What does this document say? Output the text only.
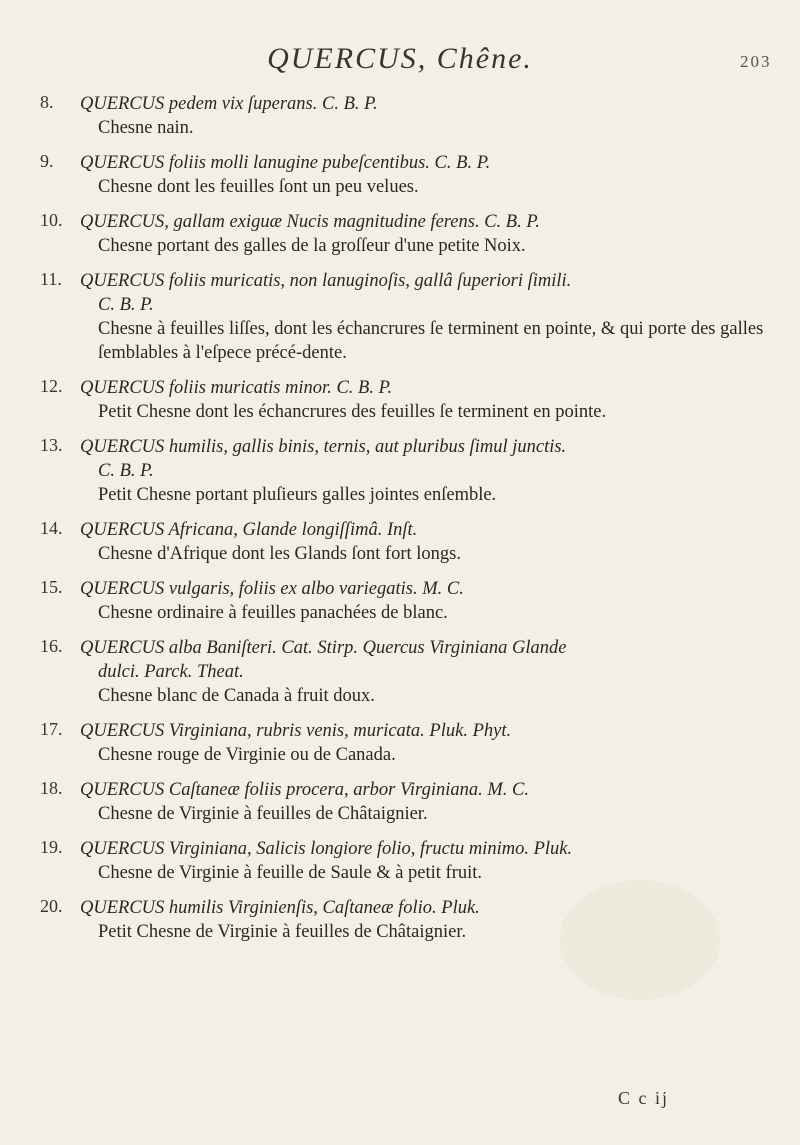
QUERCUS, Chêne.	203
8.	QUERCUS pedem vix ſuperans. C. B. P.
Chesne nain.
9.	QUERCUS foliis molli lanugine pubeſcentibus. C. B. P.
Chesne dont les feuilles ſont un peu velues.
10. QUERCUS, gallam exiguæ Nucis magnitudine ferens. C. B. P.
Chesne portant des galles de la groſſeur d'une petite Noix.
11. QUERCUS foliis muricatis, non lanuginoſis, gallâ ſuperiori ſimili.
C. B. P.
Chesne à feuilles liſſes, dont les échancrures ſe terminent en pointe, & qui porte des galles ſemblables à l'eſpece précé-dente.
12. QUERCUS foliis muricatis minor. C. B. P.
Petit Chesne dont les échancrures des feuilles ſe terminent en pointe.
13. QUERCUS humilis, gallis binis, ternis, aut pluribus ſimul junctis.
C. B. P.
Petit Chesne portant pluſieurs galles jointes enſemble.
14. QUERCUS Africana, Glande longiſſimâ. Inſt.
Chesne d'Afrique dont les Glands ſont fort longs.
15. QUERCUS vulgaris, foliis ex albo variegatis. M. C.
Chesne ordinaire à feuilles panachées de blanc.
16. QUERCUS alba Baniſteri. Cat. Stirp. Quercus Virginiana Glande
dulci. Parck. Theat.
Chesne blanc de Canada à fruit doux.
17. QUERCUS Virginiana, rubris venis, muricata. Pluk. Phyt.
Chesne rouge de Virginie ou de Canada.
18. QUERCUS Caſtaneæ foliis procera, arbor Virginiana. M. C.
Chesne de Virginie à feuilles de Châtaignier.
19. QUERCUS Virginiana, Salicis longiore folio, fructu minimo. Pluk.
Chesne de Virginie à feuille de Saule & à petit fruit.
20. QUERCUS humilis Virginienſis, Caſtaneæ folio. Pluk.
Petit Chesne de Virginie à feuilles de Châtaignier.
C c ij
